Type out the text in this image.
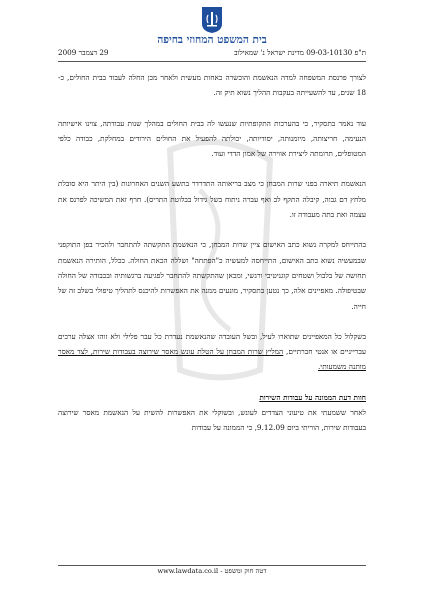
בית המשפט המחוזי בחיפה
ת"פ 09-03-10130 מדינת ישראל נ' שמאילוב
29 דצמבר 2009

לצורך פרנסת המשפחה למדה הנאשמת והוכשרה כאחות מעשית ולאחר מכן החלה לעבוד בבית החולים, כ- 18 שנים, עד להשעייתה בעקבות ההליך נשוא תיק זה.

עוד נאמר בתסקיר, כי בהערכות התקופתיות שנעשו לה בבית החולים במהלך שנות עבודתה, צוינו אישיותה הנעימה, חריצותה, מיומנותה, יסודיותה, יכולתה להפעיל את החולים הירודים במחלקת, כבודה כלפי המטופלים, תרומתה ליצירת אווירה של אמון הדדי ועוד.

הנאשמת תיארה בפני שרות המבחן כי מצב בריאותה התדרדר בתשע השנים האחרונות (בין היתר היא סובלת מלחץ דם גבוה, קיבלה התקף לב ואף עברה ניתוח בשל גידול בבלוטת התריס). חרף זאת המשיכה לפרנס את עצמה ואת בתה מעבודה זו.

בהתייחס למקרה נשוא כתב האישום ציין שרות המבחן, כי הנאשמת התקשתה להתחבר ולהכיר בפן התוקפני שבמעשיה נשוא כתב האישום, התייחסה למעשיה כ"הפתחה" ושללה הכאת החולה. ככלל, הותירה הנאשמת תחושה של בלבול ושטחים קוגניטיבי ורגשי, ומכאן שהתקשתה להתחבר לפגיעה ברגשותיה ובכבודה של החולה שבטיפולה. מאפיינים אלה, כך נטען בתסקיר, מונעים ממנה את האפשרות להיכנס לתהליך טיפולי בשלב זה של חייה.

בשקלול כל המאפיינים שתוארו לעיל, ובשל העובדה שהנאשמת נעדרת כל עבר פלילי ולא זוהו אצלה ערכים עברייניים או אנטי חברתיים, המליץ שרות המבחן על הטלת עונש מאסר שירוצה בעבודות שירות, לצד מאסר מותנה משמעותי.

חוות דעת הממונה על עבודות השירות

לאחר ששמעתי את טיעוני הצדדים לעונש, ובשוקלי את האפשרות להשית על הנאשמת מאסר שירוצה בעבודות שירות, הוריתי ביום 9.12.09, כי הממונה על עבודות

דטה חוק ומשפט - www.lawdata.co.il
